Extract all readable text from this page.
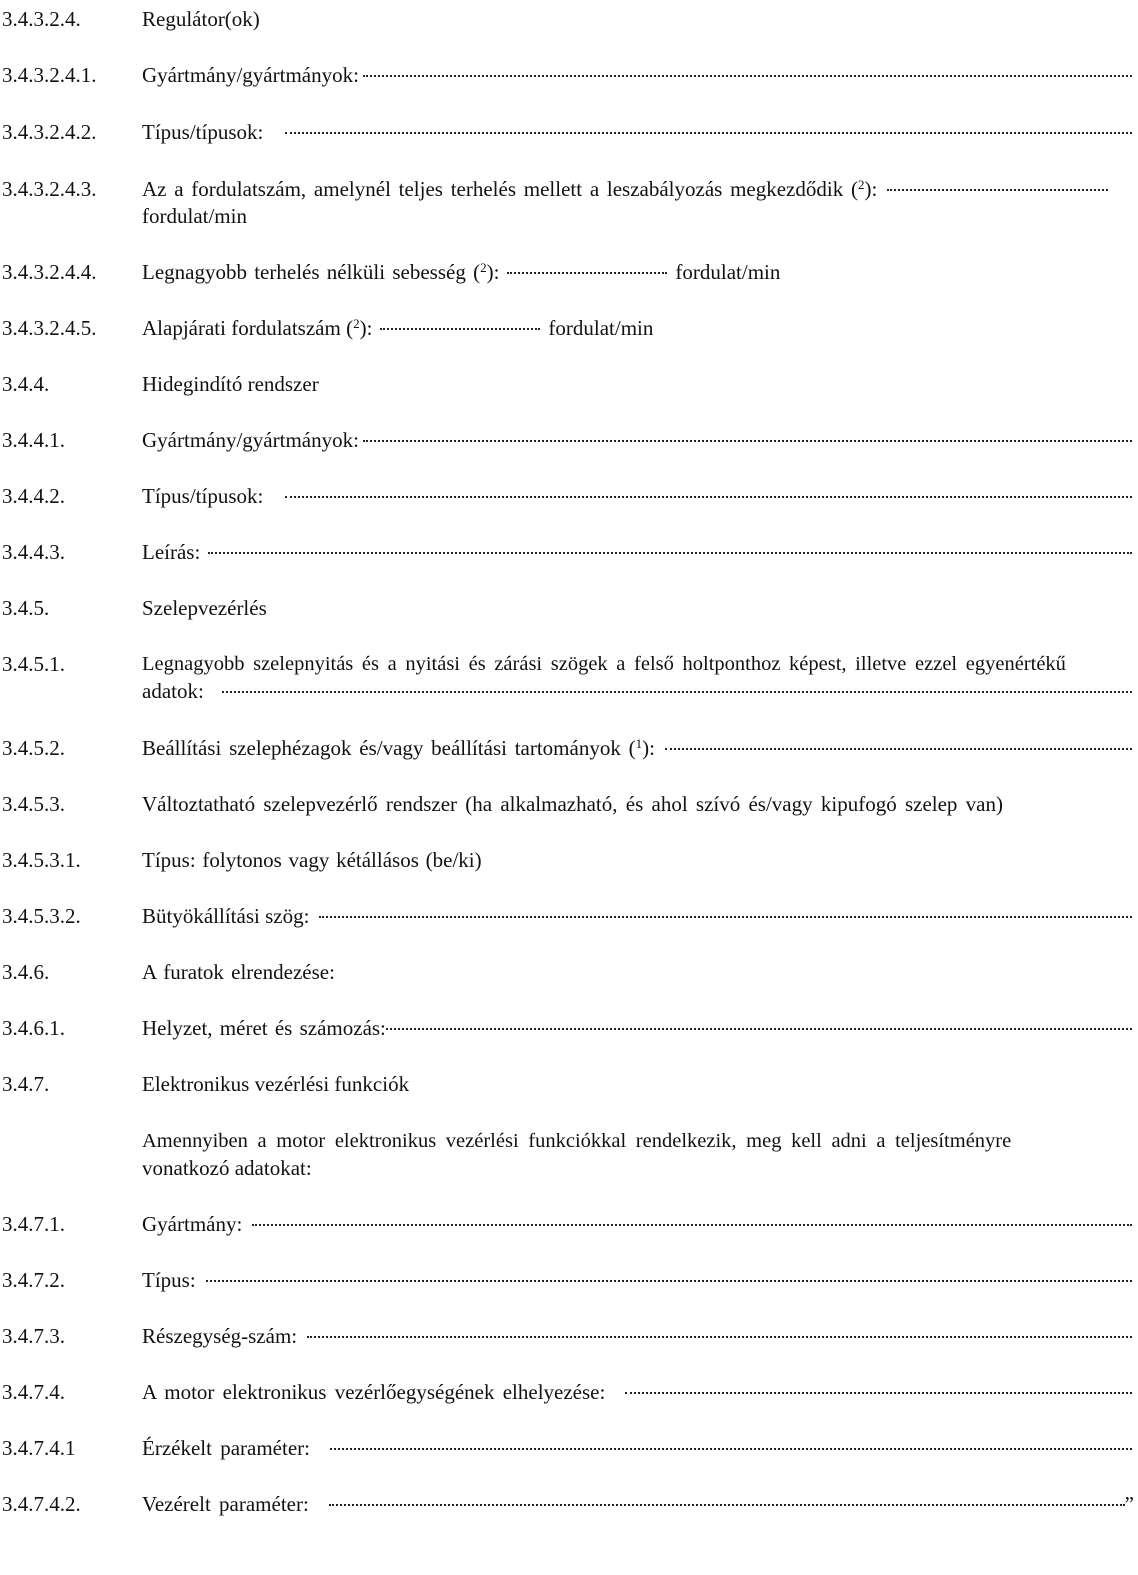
3.4.3.2.4.	Regulátor(ok)
3.4.3.2.4.1. Gyártmány/gyártmányok:
3.4.3.2.4.2. Típus/típusok:
3.4.3.2.4.3. Az a fordulatszám, amelynél teljes terhelés mellett a leszabályozás megkezdődik ($^2$):
fordulat/min
3.4.3.2.4.4. Legnagyobb terhelés nélküli sebesség ($^2$):	fordulat/min
3.4.3.2.4.5. Alapjárati fordulatszám ($^2$):	fordulat/min
3.4.4.	Hidegindító rendszer
3.4.4.1.	Gyártmány/gyártmányok:
3.4.4.2.	Típus/típusok:
3.4.4.3.	Leírás:
3.4.5.	Szelepvezérlés
3.4.5.1.	Legnagyobb szelepnyitás és a nyitási és zárási szögek a felső holtponthoz képest, illetve ezzel egyenértékű
adatok:
3.4.5.2.	Beállítási szelephézagok és/vagy beállítási tartományok ($^1$):
3.4.5.3.	Változtatható szelepvezérlő rendszer (ha alkalmazható, és ahol szívó és/vagy kipufogó szelep van)
3.4.5.3.1.	Típus: folytonos vagy kétállásos (be/ki)
3.4.5.3.2.	Bütyökállítási szög:
3.4.6.	A furatok elrendezése:
3.4.6.1.	Helyzet, méret és számozás:
3.4.7.	Elektronikus vezérlési funkciók
Amennyiben a motor elektronikus vezérlési funkciókkal rendelkezik, meg kell adni a teljesítményre
vonatkozó adatokat:
3.4.7.1.	Gyártmány:
3.4.7.2.	Típus:
3.4.7.3.	Részegység-szám:
3.4.7.4.	A motor elektronikus vezérlőegységének elhelyezése:
3.4.7.4.1	Érzékelt paraméter:
3.4.7.4.2.	Vezérelt paraméter:	”
